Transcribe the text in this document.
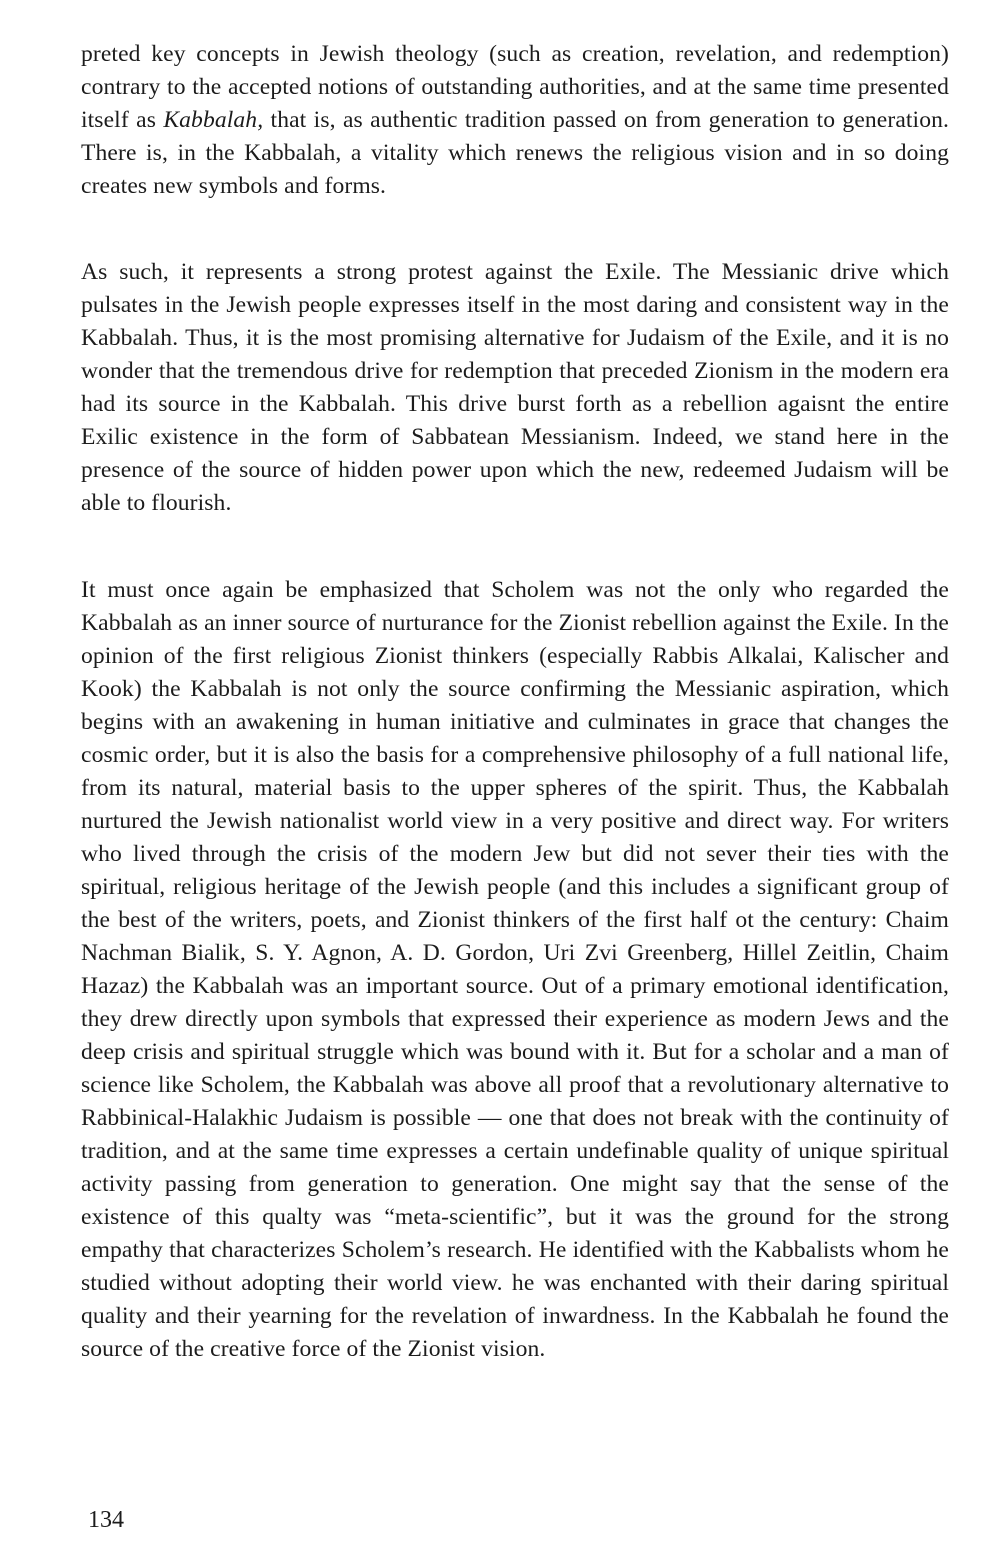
preted key concepts in Jewish theology (such as creation, revelation, and redemption) contrary to the accepted notions of outstanding authorities, and at the same time presented itself as Kabbalah, that is, as authentic tradition passed on from generation to generation. There is, in the Kabbalah, a vitality which renews the religious vision and in so doing creates new symbols and forms.

As such, it represents a strong protest against the Exile. The Messianic drive which pulsates in the Jewish people expresses itself in the most daring and consistent way in the Kabbalah. Thus, it is the most promising alternative for Judaism of the Exile, and it is no wonder that the tremendous drive for redemption that preceded Zionism in the modern era had its source in the Kabbalah. This drive burst forth as a rebellion agaisnt the entire Exilic existence in the form of Sabbatean Messianism. Indeed, we stand here in the presence of the source of hidden power upon which the new, redeemed Judaism will be able to flourish.

It must once again be emphasized that Scholem was not the only who regarded the Kabbalah as an inner source of nurturance for the Zionist rebellion against the Exile. In the opinion of the first religious Zionist thinkers (especially Rabbis Alkalai, Kalischer and Kook) the Kabbalah is not only the source confirming the Messianic aspiration, which begins with an awakening in human initiative and culminates in grace that changes the cosmic order, but it is also the basis for a comprehensive philosophy of a full national life, from its natural, material basis to the upper spheres of the spirit. Thus, the Kabbalah nurtured the Jewish nationalist world view in a very positive and direct way. For writers who lived through the crisis of the modern Jew but did not sever their ties with the spiritual, religious heritage of the Jewish people (and this includes a significant group of the best of the writers, poets, and Zionist thinkers of the first half ot the century: Chaim Nachman Bialik, S. Y. Agnon, A. D. Gordon, Uri Zvi Greenberg, Hillel Zeitlin, Chaim Hazaz) the Kabbalah was an important source. Out of a primary emotional identification, they drew directly upon symbols that expressed their experience as modern Jews and the deep crisis and spiritual struggle which was bound with it. But for a scholar and a man of science like Scholem, the Kabbalah was above all proof that a revolutionary alternative to Rabbinical-Halakhic Judaism is possible — one that does not break with the continuity of tradition, and at the same time expresses a certain undefinable quality of unique spiritual activity passing from generation to generation. One might say that the sense of the existence of this qualty was “meta-scientific”, but it was the ground for the strong empathy that characterizes Scholem’s research. He identified with the Kabbalists whom he studied without adopting their world view. he was enchanted with their daring spiritual quality and their yearning for the revelation of inwardness. In the Kabbalah he found the source of the creative force of the Zionist vision.

134
